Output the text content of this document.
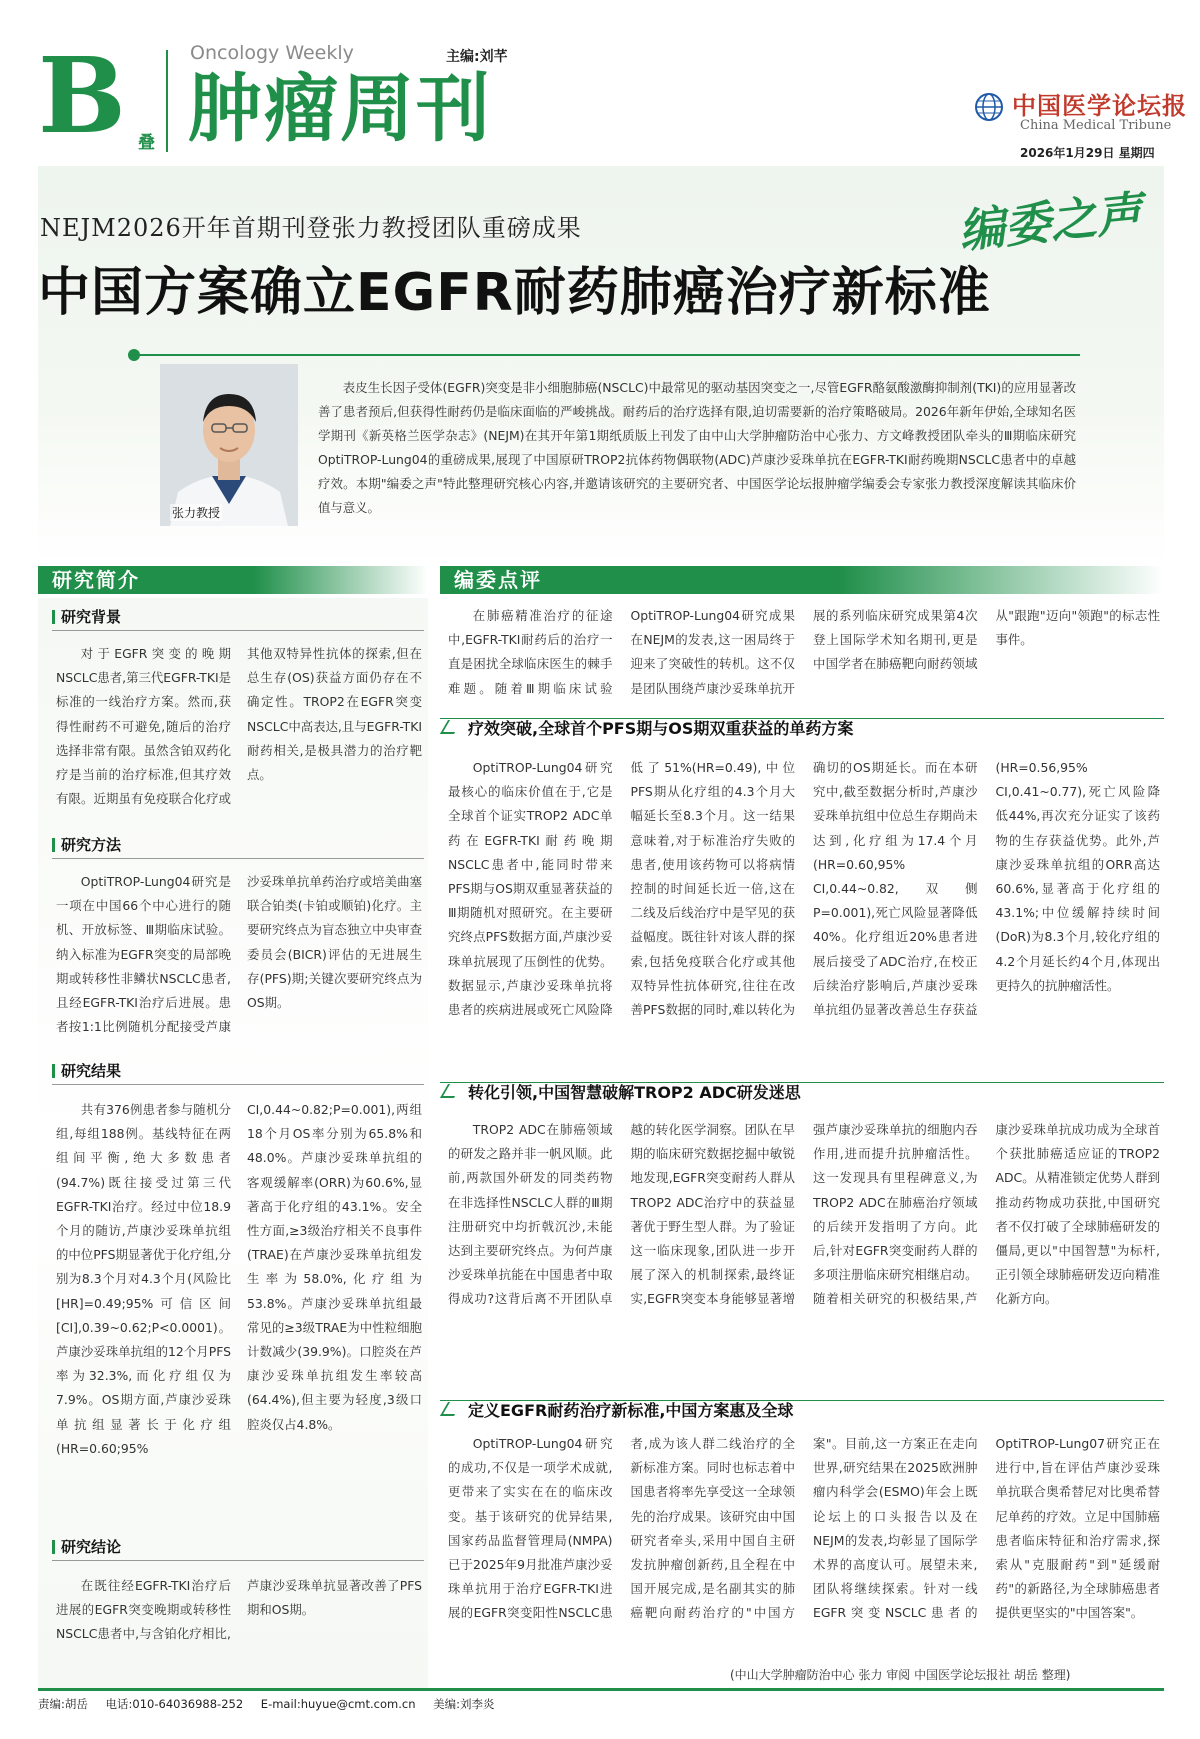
B 叠
Oncology Weekly
肿瘤周刊
主编:刘芊
中国医学论坛报
China Medical Tribune
2026年1月29日 星期四
NEJM2026开年首期刊登张力教授团队重磅成果
中国方案确立EGFR耐药肺癌治疗新标准
编委之声
张力教授

表皮生长因子受体(EGFR)突变是非小细胞肺癌(NSCLC)中最常见的驱动基因突变之一,尽管EGFR酪氨酸激酶抑制剂(TKI)的应用显著改善了患者预后,但获得性耐药仍是临床面临的严峻挑战。耐药后的治疗选择有限,迫切需要新的治疗策略破局。2026年新年伊始,全球知名医学期刊《新英格兰医学杂志》(NEJM)在其开年第1期纸质版上刊发了由中山大学肿瘤防治中心张力、方文峰教授团队牵头的Ⅲ期临床研究OptiTROP-Lung04的重磅成果,展现了中国原研TROP2抗体药物偶联物(ADC)芦康沙妥珠单抗在EGFR-TKI耐药晚期NSCLC患者中的卓越疗效。本期"编委之声"特此整理研究核心内容,并邀请该研究的主要研究者、中国医学论坛报肿瘤学编委会专家张力教授深度解读其临床价值与意义。

研究简介
研究背景

对于EGFR突变的晚期NSCLC患者,第三代EGFR-TKI是标准的一线治疗方案。然而,获得性耐药不可避免,随后的治疗选择非常有限。虽然含铂双药化疗是当前的治疗标准,但其疗效有限。近期虽有免疫联合化疗或其他双特异性抗体的探索,但在总生存(OS)获益方面仍存在不确定性。TROP2在EGFR突变NSCLC中高表达,且与EGFR-TKI耐药相关,是极具潜力的治疗靶点。

研究方法

OptiTROP-Lung04研究是一项在中国66个中心进行的随机、开放标签、Ⅲ期临床试验。纳入标准为EGFR突变的局部晚期或转移性非鳞状NSCLC患者,且经EGFR-TKI治疗后进展。患者按1:1比例随机分配接受芦康沙妥珠单抗单药治疗或培美曲塞联合铂类(卡铂或顺铂)化疗。主要研究终点为盲态独立中央审查委员会(BICR)评估的无进展生存(PFS)期;关键次要研究终点为OS期。

研究结果

共有376例患者参与随机分组,每组188例。基线特征在两组间平衡,绝大多数患者(94.7%)既往接受过第三代EGFR-TKI治疗。经过中位18.9个月的随访,芦康沙妥珠单抗组的中位PFS期显著优于化疗组,分别为8.3个月对4.3个月(风险比[HR]=0.49;95%可信区间[CI],0.39~0.62;P<0.0001)。芦康沙妥珠单抗组的12个月PFS率为32.3%,而化疗组仅为7.9%。OS期方面,芦康沙妥珠单抗组显著长于化疗组(HR=0.60;95% CI,0.44~0.82;P=0.001),两组18个月OS率分别为65.8%和48.0%。芦康沙妥珠单抗组的客观缓解率(ORR)为60.6%,显著高于化疗组的43.1%。安全性方面,≥3级治疗相关不良事件(TRAE)在芦康沙妥珠单抗组发生率为58.0%,化疗组为53.8%。芦康沙妥珠单抗组最常见的≥3级TRAE为中性粒细胞计数减少(39.9%)。口腔炎在芦康沙妥珠单抗组发生率较高(64.4%),但主要为轻度,3级口腔炎仅占4.8%。

研究结论

在既往经EGFR-TKI治疗后进展的EGFR突变晚期或转移性NSCLC患者中,与含铂化疗相比,芦康沙妥珠单抗显著改善了PFS期和OS期。

编委点评

在肺癌精准治疗的征途中,EGFR-TKI耐药后的治疗一直是困扰全球临床医生的棘手难题。随着Ⅲ期临床试验OptiTROP-Lung04研究成果在NEJM的发表,这一困局终于迎来了突破性的转机。这不仅是团队围绕芦康沙妥珠单抗开展的系列临床研究成果第4次登上国际学术知名期刊,更是中国学者在肺癌靶向耐药领域从"跟跑"迈向"领跑"的标志性事件。

疗效突破,全球首个PFS期与OS期双重获益的单药方案

OptiTROP-Lung04研究最核心的临床价值在于,它是全球首个证实TROP2 ADC单药在EGFR-TKI耐药晚期NSCLC患者中,能同时带来PFS期与OS期双重显著获益的Ⅲ期随机对照研究。在主要研究终点PFS数据方面,芦康沙妥珠单抗展现了压倒性的优势。数据显示,芦康沙妥珠单抗将患者的疾病进展或死亡风险降低了51%(HR=0.49),中位PFS期从化疗组的4.3个月大幅延长至8.3个月。这一结果意味着,对于标准治疗失败的患者,使用该药物可以将病情控制的时间延长近一倍,这在二线及后线治疗中是罕见的获益幅度。既往针对该人群的探索,包括免疫联合化疗或其他双特异性抗体研究,往往在改善PFS数据的同时,难以转化为确切的OS期延长。而在本研究中,截至数据分析时,芦康沙妥珠单抗组中位总生存期尚未达到,化疗组为17.4个月(HR=0.60,95% CI,0.44~0.82,双侧P=0.001),死亡风险显著降低40%。化疗组近20%患者进展后接受了ADC治疗,在校正后续治疗影响后,芦康沙妥珠单抗组仍显著改善总生存获益(HR=0.56,95% CI,0.41~0.77),死亡风险降低44%,再次充分证实了该药物的生存获益优势。此外,芦康沙妥珠单抗组的ORR高达60.6%,显著高于化疗组的43.1%;中位缓解持续时间(DoR)为8.3个月,较化疗组的4.2个月延长约4个月,体现出更持久的抗肿瘤活性。

转化引领,中国智慧破解TROP2 ADC研发迷思

TROP2 ADC在肺癌领域的研发之路并非一帆风顺。此前,两款国外研发的同类药物在非选择性NSCLC人群的Ⅲ期注册研究中均折戟沉沙,未能达到主要研究终点。为何芦康沙妥珠单抗能在中国患者中取得成功?这背后离不开团队卓越的转化医学洞察。团队在早期的临床研究数据挖掘中敏锐地发现,EGFR突变耐药人群从TROP2 ADC治疗中的获益显著优于野生型人群。为了验证这一临床现象,团队进一步开展了深入的机制探索,最终证实,EGFR突变本身能够显著增强芦康沙妥珠单抗的细胞内吞作用,进而提升抗肿瘤活性。这一发现具有里程碑意义,为TROP2 ADC在肺癌治疗领域的后续开发指明了方向。此后,针对EGFR突变耐药人群的多项注册临床研究相继启动。随着相关研究的积极结果,芦康沙妥珠单抗成功成为全球首个获批肺癌适应证的TROP2 ADC。从精准锁定优势人群到推动药物成功获批,中国研究者不仅打破了全球肺癌研发的僵局,更以"中国智慧"为标杆,正引领全球肺癌研发迈向精准化新方向。

定义EGFR耐药治疗新标准,中国方案惠及全球

OptiTROP-Lung04研究的成功,不仅是一项学术成就,更带来了实实在在的临床改变。基于该研究的优异结果,国家药品监督管理局(NMPA)已于2025年9月批准芦康沙妥珠单抗用于治疗EGFR-TKI进展的EGFR突变阳性NSCLC患者,成为该人群二线治疗的全新标准方案。同时也标志着中国患者将率先享受这一全球领先的治疗成果。该研究由中国研究者牵头,采用中国自主研发抗肿瘤创新药,且全程在中国开展完成,是名副其实的肺癌靶向耐药治疗的"中国方案"。目前,这一方案正在走向世界,研究结果在2025欧洲肿瘤内科学会(ESMO)年会上既论坛上的口头报告以及在NEJM的发表,均彰显了国际学术界的高度认可。展望未来,团队将继续探索。针对一线EGFR突变NSCLC患者的OptiTROP-Lung07研究正在进行中,旨在评估芦康沙妥珠单抗联合奥希替尼对比奥希替尼单药的疗效。立足中国肺癌患者临床特征和治疗需求,探索从"克服耐药"到"延缓耐药"的新路径,为全球肺癌患者提供更坚实的"中国答案"。

(中山大学肿瘤防治中心 张力 审阅 中国医学论坛报社 胡岳 整理)
责编:胡岳 电话:010-64036988-252 E-mail:huyue@cmt.com.cn 美编:刘李炎
